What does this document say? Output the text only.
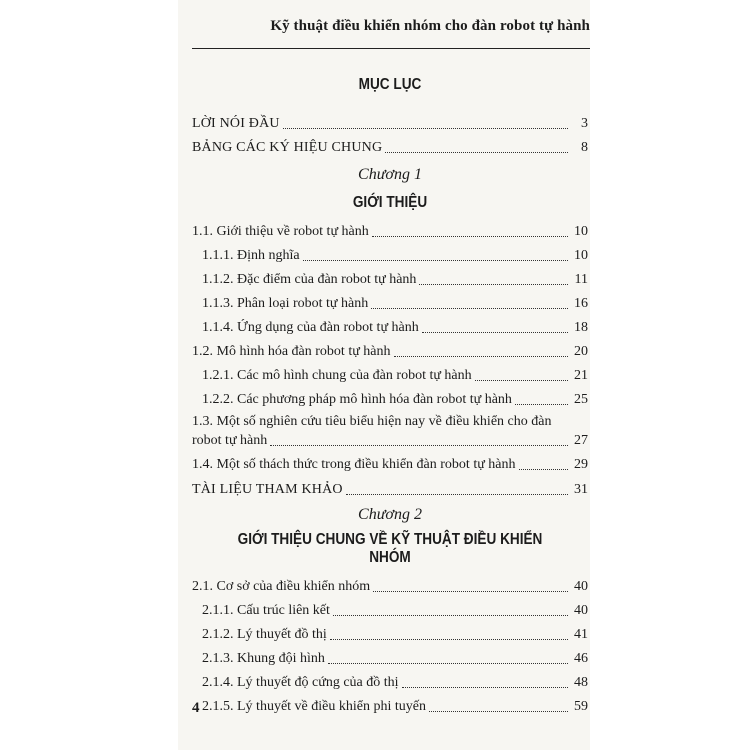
Kỹ thuật điều khiển nhóm cho đàn robot tự hành
MỤC LỤC
LỜI NÓI ĐẦU	3
BẢNG CÁC KÝ HIỆU CHUNG	8
Chương 1
GIỚI THIỆU
1.1. Giới thiệu về robot tự hành	10
1.1.1. Định nghĩa	10
1.1.2. Đặc điểm của đàn robot tự hành	11
1.1.3. Phân loại robot tự hành	16
1.1.4. Ứng dụng của đàn robot tự hành	18
1.2. Mô hình hóa đàn robot tự hành	20
1.2.1. Các mô hình chung của đàn robot tự hành	21
1.2.2. Các phương pháp mô hình hóa đàn robot tự hành	25
1.3. Một số nghiên cứu tiêu biểu hiện nay về điều khiển cho đàn
robot tự hành	27
1.4. Một số thách thức trong điều khiển đàn robot tự hành	29
TÀI LIỆU THAM KHẢO	31
Chương 2
GIỚI THIỆU CHUNG VỀ KỸ THUẬT ĐIỀU KHIỂN NHÓM
2.1. Cơ sở của điều khiển nhóm	40
2.1.1. Cấu trúc liên kết	40
2.1.2. Lý thuyết đồ thị	41
2.1.3. Khung đội hình	46
2.1.4. Lý thuyết độ cứng của đồ thị	48
2.1.5. Lý thuyết về điều khiển phi tuyến	59
4
